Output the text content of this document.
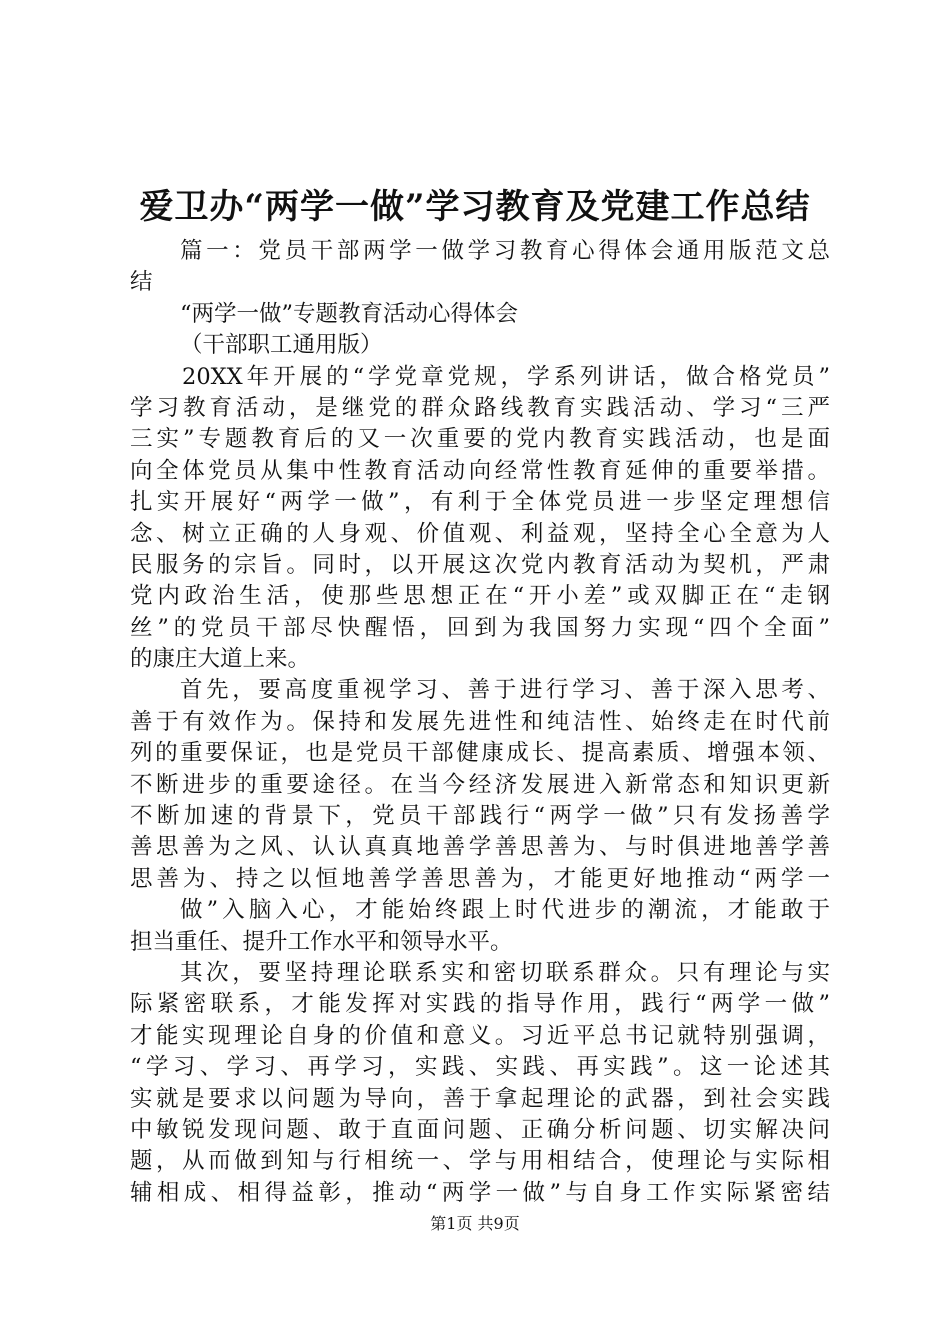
爱卫办“两学一做”学习教育及党建工作总结
篇一：党员干部两学一做学习教育心得体会通用版范文总
结
“两学一做”专题教育活动心得体会
（干部职工通用版）
20XX年开展的“学党章党规，学系列讲话，做合格党员”
学习教育活动，是继党的群众路线教育实践活动、学习“三严
三实”专题教育后的又一次重要的党内教育实践活动，也是面
向全体党员从集中性教育活动向经常性教育延伸的重要举措。
扎实开展好“两学一做”，有利于全体党员进一步坚定理想信
念、树立正确的人身观、价值观、利益观，坚持全心全意为人
民服务的宗旨。同时，以开展这次党内教育活动为契机，严肃
党内政治生活，使那些思想正在“开小差”或双脚正在“走钢
丝”的党员干部尽快醒悟，回到为我国努力实现“四个全面”
的康庄大道上来。
首先，要高度重视学习、善于进行学习、善于深入思考、
善于有效作为。保持和发展先进性和纯洁性、始终走在时代前
列的重要保证，也是党员干部健康成长、提高素质、增强本领、
不断进步的重要途径。在当今经济发展进入新常态和知识更新
不断加速的背景下，党员干部践行“两学一做”只有发扬善学
善思善为之风、认认真真地善学善思善为、与时俱进地善学善
思善为、持之以恒地善学善思善为，才能更好地推动“两学一
做”入脑入心，才能始终跟上时代进步的潮流，才能敢于
担当重任、提升工作水平和领导水平。
其次，要坚持理论联系实和密切联系群众。只有理论与实
际紧密联系，才能发挥对实践的指导作用，践行“两学一做”
才能实现理论自身的价值和意义。习近平总书记就特别强调，
“学习、学习、再学习，实践、实践、再实践”。这一论述其
实就是要求以问题为导向，善于拿起理论的武器，到社会实践
中敏锐发现问题、敢于直面问题、正确分析问题、切实解决问
题，从而做到知与行相统一、学与用相结合，使理论与实际相
辅相成、相得益彰，推动“两学一做”与自身工作实际紧密结
第1页 共9页
